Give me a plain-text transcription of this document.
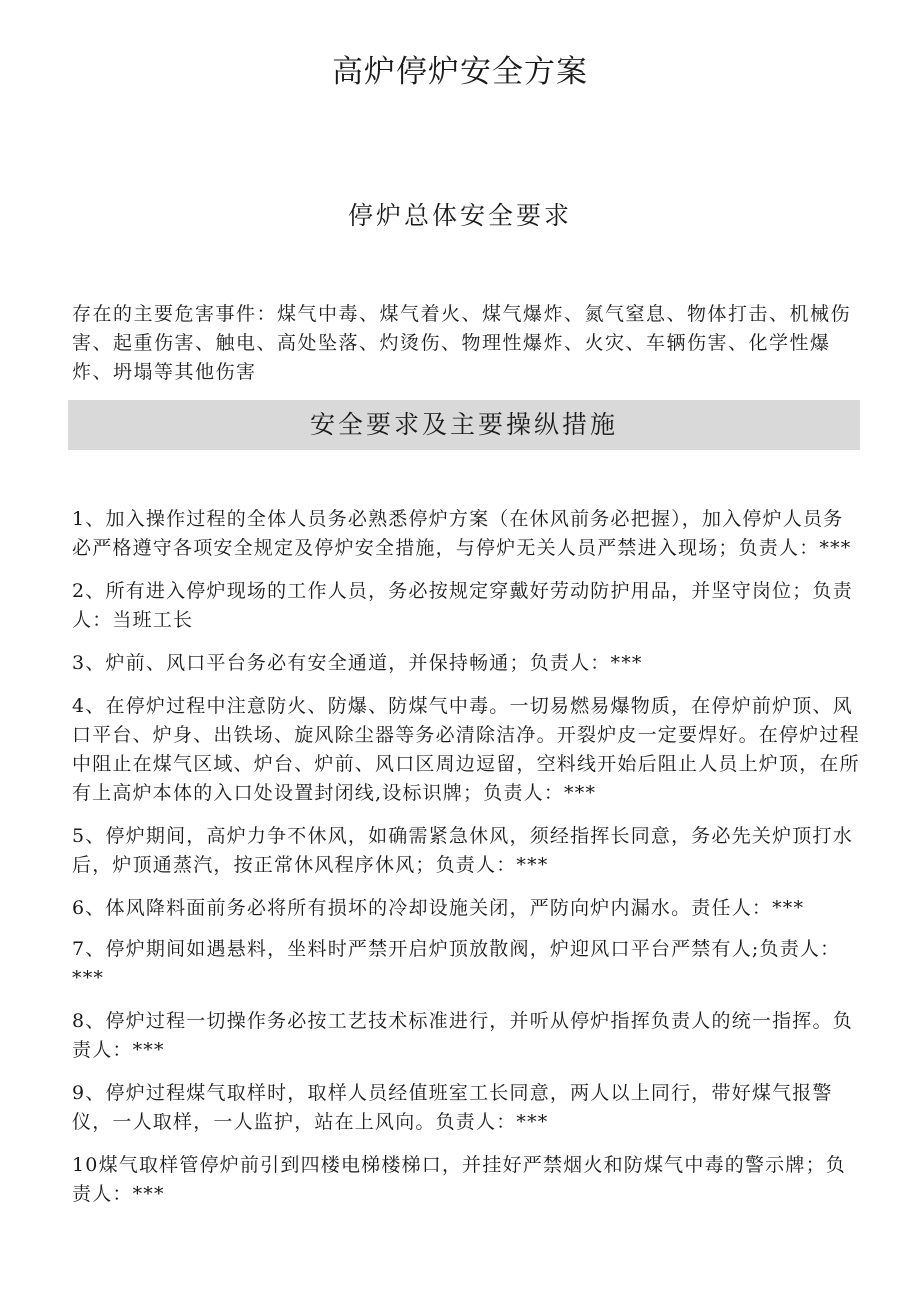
高炉停炉安全方案
停炉总体安全要求

存在的主要危害事件：煤气中毒、煤气着火、煤气爆炸、氮气窒息、物体打击、机械伤害、起重伤害、触电、高处坠落、灼烫伤、物理性爆炸、火灾、车辆伤害、化学性爆炸、坍塌等其他伤害

安全要求及主要操纵措施
1、加入操作过程的全体人员务必熟悉停炉方案（在休风前务必把握），加入停炉人员务必严格遵守各项安全规定及停炉安全措施，与停炉无关人员严禁进入现场；负责人：***
2、所有进入停炉现场的工作人员，务必按规定穿戴好劳动防护用品，并坚守岗位；负责人：当班工长
3、炉前、风口平台务必有安全通道，并保持畅通；负责人：***
4、在停炉过程中注意防火、防爆、防煤气中毒。一切易燃易爆物质，在停炉前炉顶、风口平台、炉身、出铁场、旋风除尘器等务必清除洁净。开裂炉皮一定要焊好。在停炉过程中阻止在煤气区域、炉台、炉前、风口区周边逗留，空料线开始后阻止人员上炉顶，在所有上高炉本体的入口处设置封闭线,设标识牌；负责人：***
5、停炉期间，高炉力争不休风，如确需紧急休风，须经指挥长同意，务必先关炉顶打水后，炉顶通蒸汽，按正常休风程序休风；负责人：***
6、体风降料面前务必将所有损坏的冷却设施关闭，严防向炉内漏水。责任人：***
7、停炉期间如遇悬料，坐料时严禁开启炉顶放散阀，炉迎风口平台严禁有人;负责人：***
8、停炉过程一切操作务必按工艺技术标准进行，并听从停炉指挥负责人的统一指挥。负责人：***
9、停炉过程煤气取样时，取样人员经值班室工长同意，两人以上同行，带好煤气报警仪，一人取样，一人监护，站在上风向。负责人：***
10煤气取样管停炉前引到四楼电梯楼梯口，并挂好严禁烟火和防煤气中毒的警示牌；负责人：***
